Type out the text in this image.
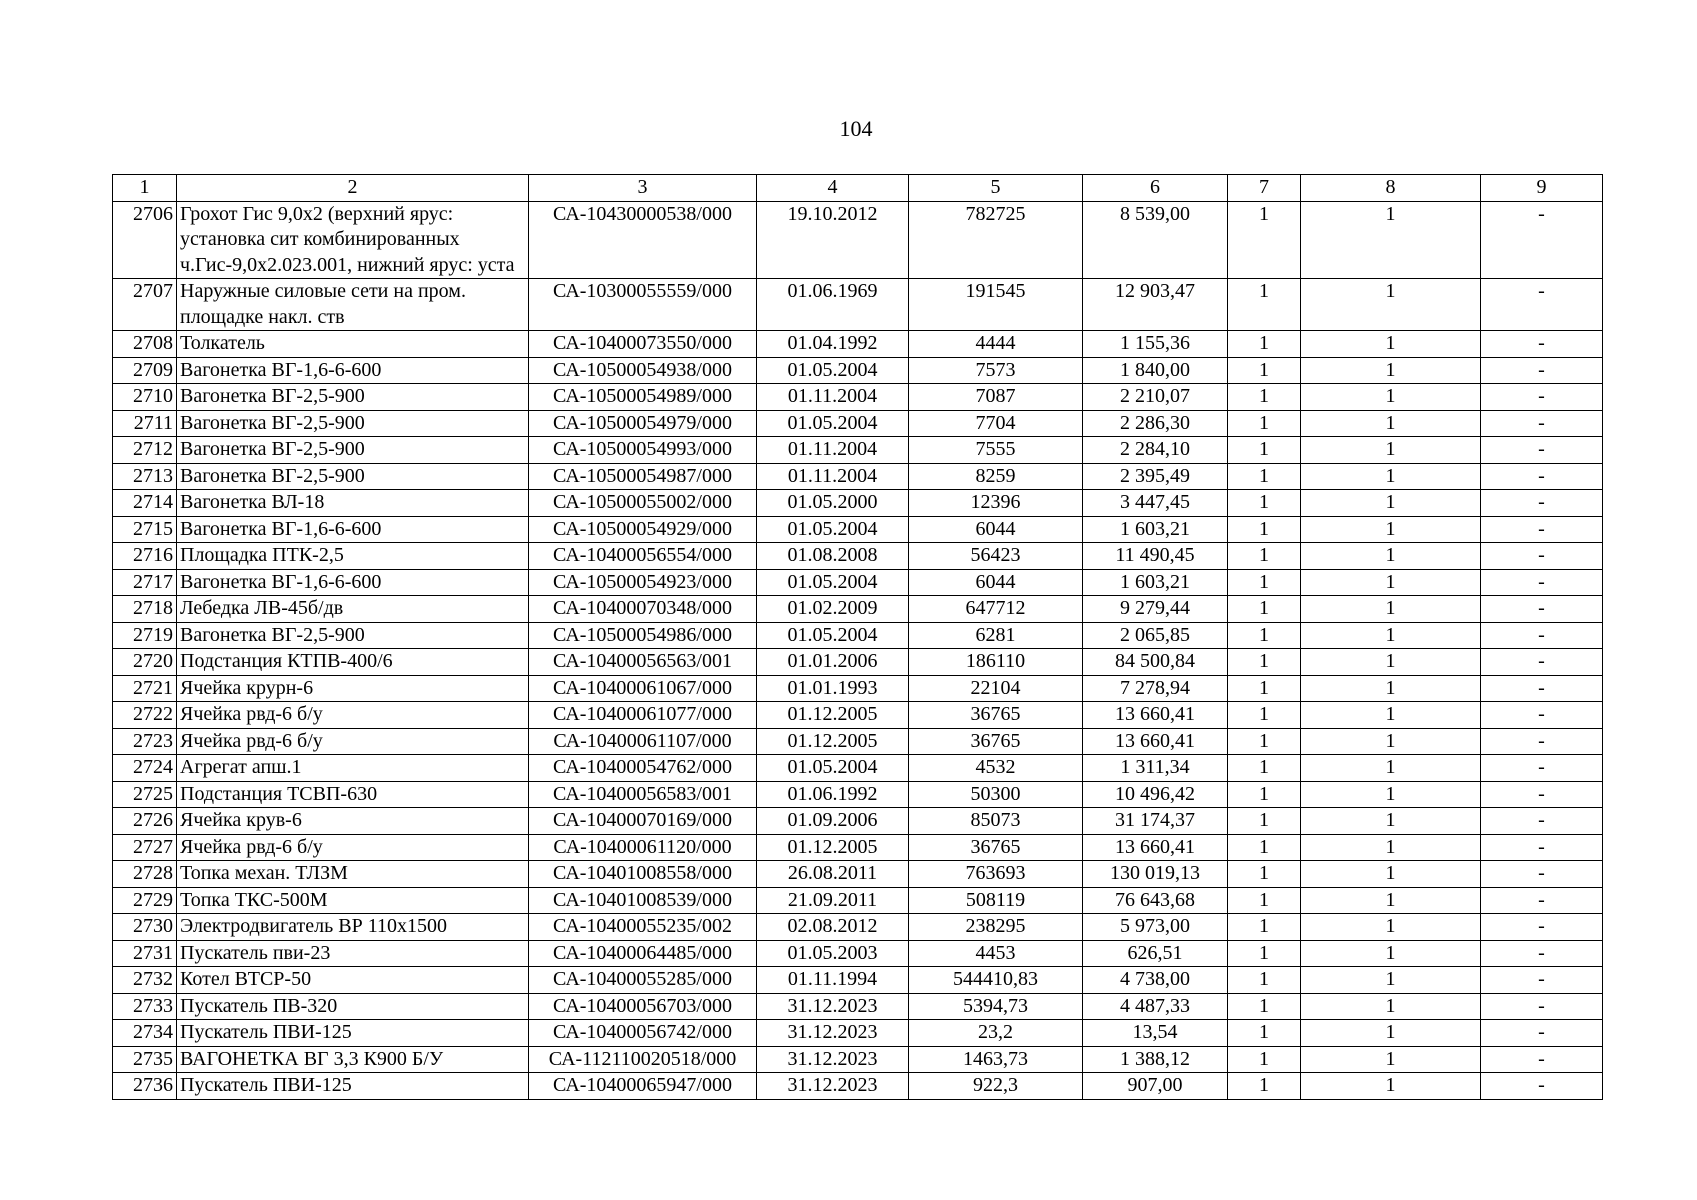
104
1	2	3	4	5	6	7	8	9
2706	Грохот Гис 9,0х2 (верхний ярус: установка сит комбинированных ч.Гис-9,0х2.023.001, нижний ярус: уста	СА-10430000538/000	19.10.2012	782725	8 539,00	1	1	-
2707	Наружные силовые сети на пром. площадке накл. ств	СА-10300055559/000	01.06.1969	191545	12 903,47	1	1	-
2708	Толкатель	СА-10400073550/000	01.04.1992	4444	1 155,36	1	1	-
2709	Вагонетка ВГ-1,6-6-600	СА-10500054938/000	01.05.2004	7573	1 840,00	1	1	-
2710	Вагонетка ВГ-2,5-900	СА-10500054989/000	01.11.2004	7087	2 210,07	1	1	-
2711	Вагонетка ВГ-2,5-900	СА-10500054979/000	01.05.2004	7704	2 286,30	1	1	-
2712	Вагонетка ВГ-2,5-900	СА-10500054993/000	01.11.2004	7555	2 284,10	1	1	-
2713	Вагонетка ВГ-2,5-900	СА-10500054987/000	01.11.2004	8259	2 395,49	1	1	-
2714	Вагонетка ВЛ-18	СА-10500055002/000	01.05.2000	12396	3 447,45	1	1	-
2715	Вагонетка ВГ-1,6-6-600	СА-10500054929/000	01.05.2004	6044	1 603,21	1	1	-
2716	Площадка ПТК-2,5	СА-10400056554/000	01.08.2008	56423	11 490,45	1	1	-
2717	Вагонетка ВГ-1,6-6-600	СА-10500054923/000	01.05.2004	6044	1 603,21	1	1	-
2718	Лебедка ЛВ-45б/дв	СА-10400070348/000	01.02.2009	647712	9 279,44	1	1	-
2719	Вагонетка ВГ-2,5-900	СА-10500054986/000	01.05.2004	6281	2 065,85	1	1	-
2720	Подстанция КТПВ-400/6	СА-10400056563/001	01.01.2006	186110	84 500,84	1	1	-
2721	Ячейка крурн-6	СА-10400061067/000	01.01.1993	22104	7 278,94	1	1	-
2722	Ячейка рвд-6 б/у	СА-10400061077/000	01.12.2005	36765	13 660,41	1	1	-
2723	Ячейка рвд-6 б/у	СА-10400061107/000	01.12.2005	36765	13 660,41	1	1	-
2724	Агрегат апш.1	СА-10400054762/000	01.05.2004	4532	1 311,34	1	1	-
2725	Подстанция ТСВП-630	СА-10400056583/001	01.06.1992	50300	10 496,42	1	1	-
2726	Ячейка крув-6	СА-10400070169/000	01.09.2006	85073	31 174,37	1	1	-
2727	Ячейка рвд-6 б/у	СА-10400061120/000	01.12.2005	36765	13 660,41	1	1	-
2728	Топка механ. ТЛЗМ	СА-10401008558/000	26.08.2011	763693	130 019,13	1	1	-
2729	Топка ТКС-500М	СА-10401008539/000	21.09.2011	508119	76 643,68	1	1	-
2730	Электродвигатель ВР 110х1500	СА-10400055235/002	02.08.2012	238295	5 973,00	1	1	-
2731	Пускатель пви-23	СА-10400064485/000	01.05.2003	4453	626,51	1	1	-
2732	Котел ВТСР-50	СА-10400055285/000	01.11.1994	544410,83	4 738,00	1	1	-
2733	Пускатель ПВ-320	СА-10400056703/000	31.12.2023	5394,73	4 487,33	1	1	-
2734	Пускатель ПВИ-125	СА-10400056742/000	31.12.2023	23,2	13,54	1	1	-
2735	ВАГОНЕТКА ВГ 3,3 К900 Б/У	СА-112110020518/000	31.12.2023	1463,73	1 388,12	1	1	-
2736	Пускатель ПВИ-125	СА-10400065947/000	31.12.2023	922,3	907,00	1	1	-
